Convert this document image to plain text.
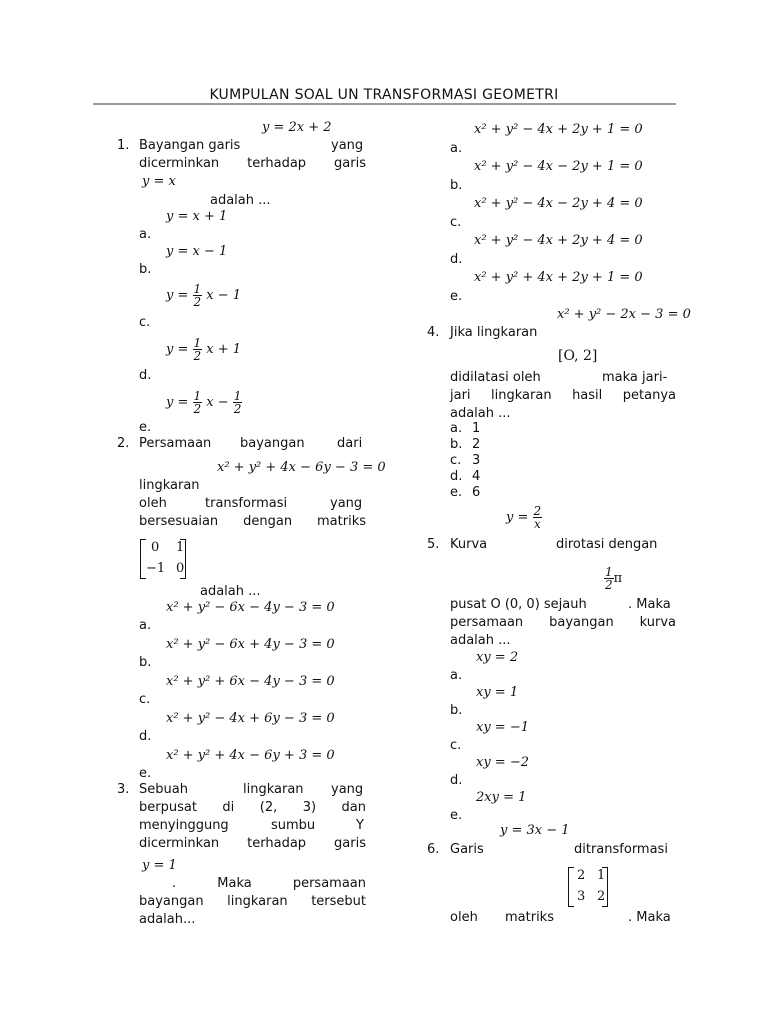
KUMPULAN SOAL UN TRANSFORMASI GEOMETRI
y = 2x + 2
1. Bayangan garis	yang
dicerminkan terhadap garis
y = x
adalah ...
y = x + 1
a.
y = x − 1
b.
$y = \frac{1}{2}$ x − 1
c.
$y = \frac{1}{2}$ x + 1
d.
$y = \frac{1}{2}$ $x - \frac{1}{2}$
e.
2. Persamaan bayangan dari
x² + y² + 4x − 6y − 3 = 0
lingkaran
oleh	transformasi	yang
bersesuaian dengan matriks
0 1
−1 0
adalah ...
x² + y² − 6x − 4y − 3 = 0
a.
x² + y² − 6x + 4y − 3 = 0
b.
x² + y² + 6x − 4y − 3 = 0
c.
x² + y² − 4x + 6y − 3 = 0
d.
x² + y² + 4x − 6y + 3 = 0
e.
3. Sebuah	lingkaran yang
berpusat di (2, 3) dan
menyinggung	sumbu	Y
dicerminkan terhadap garis
y = 1
. Maka persamaan
bayangan lingkaran tersebut
adalah...
x² + y² − 4x + 2y + 1 = 0
a.
x² + y² − 4x − 2y + 1 = 0
b.
x² + y² − 4x − 2y + 4 = 0
c.
x² + y² − 4x + 2y + 4 = 0
d.
x² + y² + 4x + 2y + 1 = 0
e.
x² + y² − 2x − 3 = 0
4. Jika lingkaran
[O, 2]
didilatasi oleh	maka jari-
jari lingkaran hasil petanya
adalah ...
a. 1
b. 2
c. 3
d. 4
e. 6
$y = \frac{2}{x}$
5. Kurva	dirotasi dengan
$\frac{1}{2}$ π
pusat O (0, 0) sejauh	. Maka
persamaan bayangan kurva
adalah ...
xy = 2
a.
xy = 1
b.
xy = −1
c.
xy = −2
d.
2xy = 1
e.
y = 3x − 1
6. Garis	ditransformasi
2 1
3 2
oleh matriks	. Maka
